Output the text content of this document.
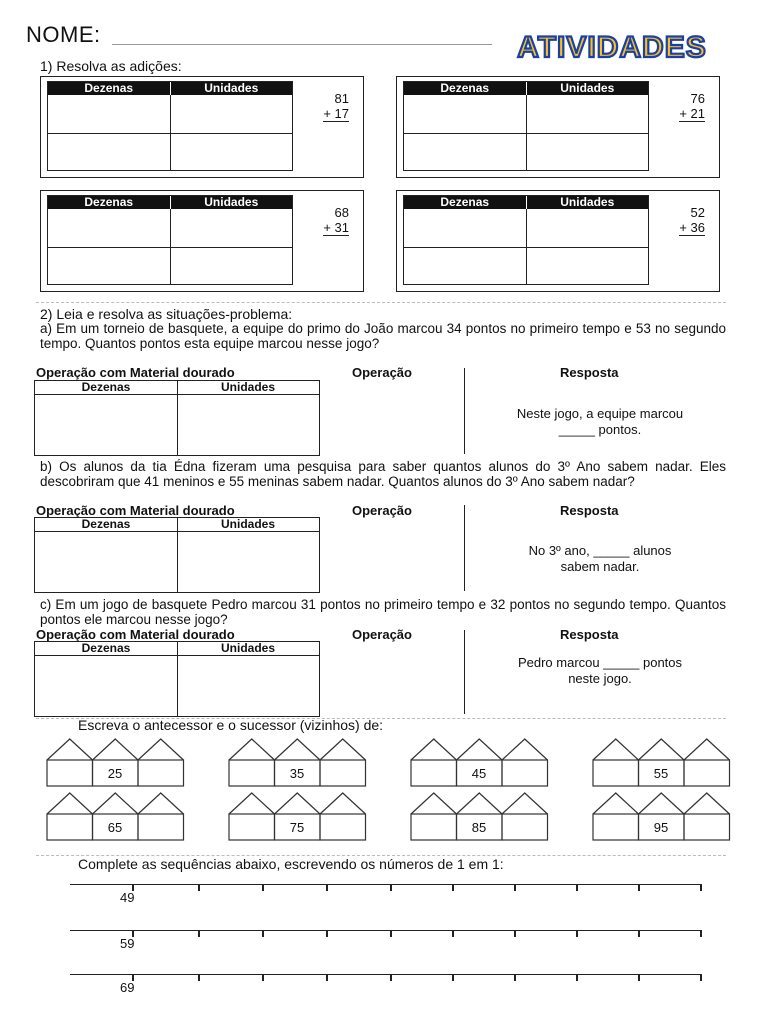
NOME:	ATIVIDADES
1) Resolva as adições:
Dezenas	Unidades
81
+ 17
Dezenas	Unidades
76
+ 21
Dezenas	Unidades
68
+ 31
Dezenas	Unidades
52
+ 36
2) Leia e resolva as situações-problema:
a) Em um torneio de basquete, a equipe do primo do João marcou 34 pontos no primeiro tempo e 53 no segundo tempo. Quantos pontos esta equipe marcou nesse jogo?
Operação com Material dourado	Operação	Resposta
Dezenas	Unidades
Neste jogo, a equipe marcou
_____ pontos.
b) Os alunos da tia Édna fizeram uma pesquisa para saber quantos alunos do 3º Ano sabem nadar. Eles descobriram que 41 meninos e 55 meninas sabem nadar. Quantos alunos do 3º Ano sabem nadar?
Operação com Material dourado	Operação	Resposta
Dezenas	Unidades
No 3º ano, _____ alunos
sabem nadar.
c) Em um jogo de basquete Pedro marcou 31 pontos no primeiro tempo e 32 pontos no segundo tempo. Quantos pontos ele marcou nesse jogo?
Operação com Material dourado	Operação	Resposta
Dezenas	Unidades
Pedro marcou _____ pontos
neste jogo.
Escreva o antecessor e o sucessor (vizinhos) de:
25	35	45	55
65	75	85	95
Complete as sequências abaixo, escrevendo os números de 1 em 1:
49
59
69
